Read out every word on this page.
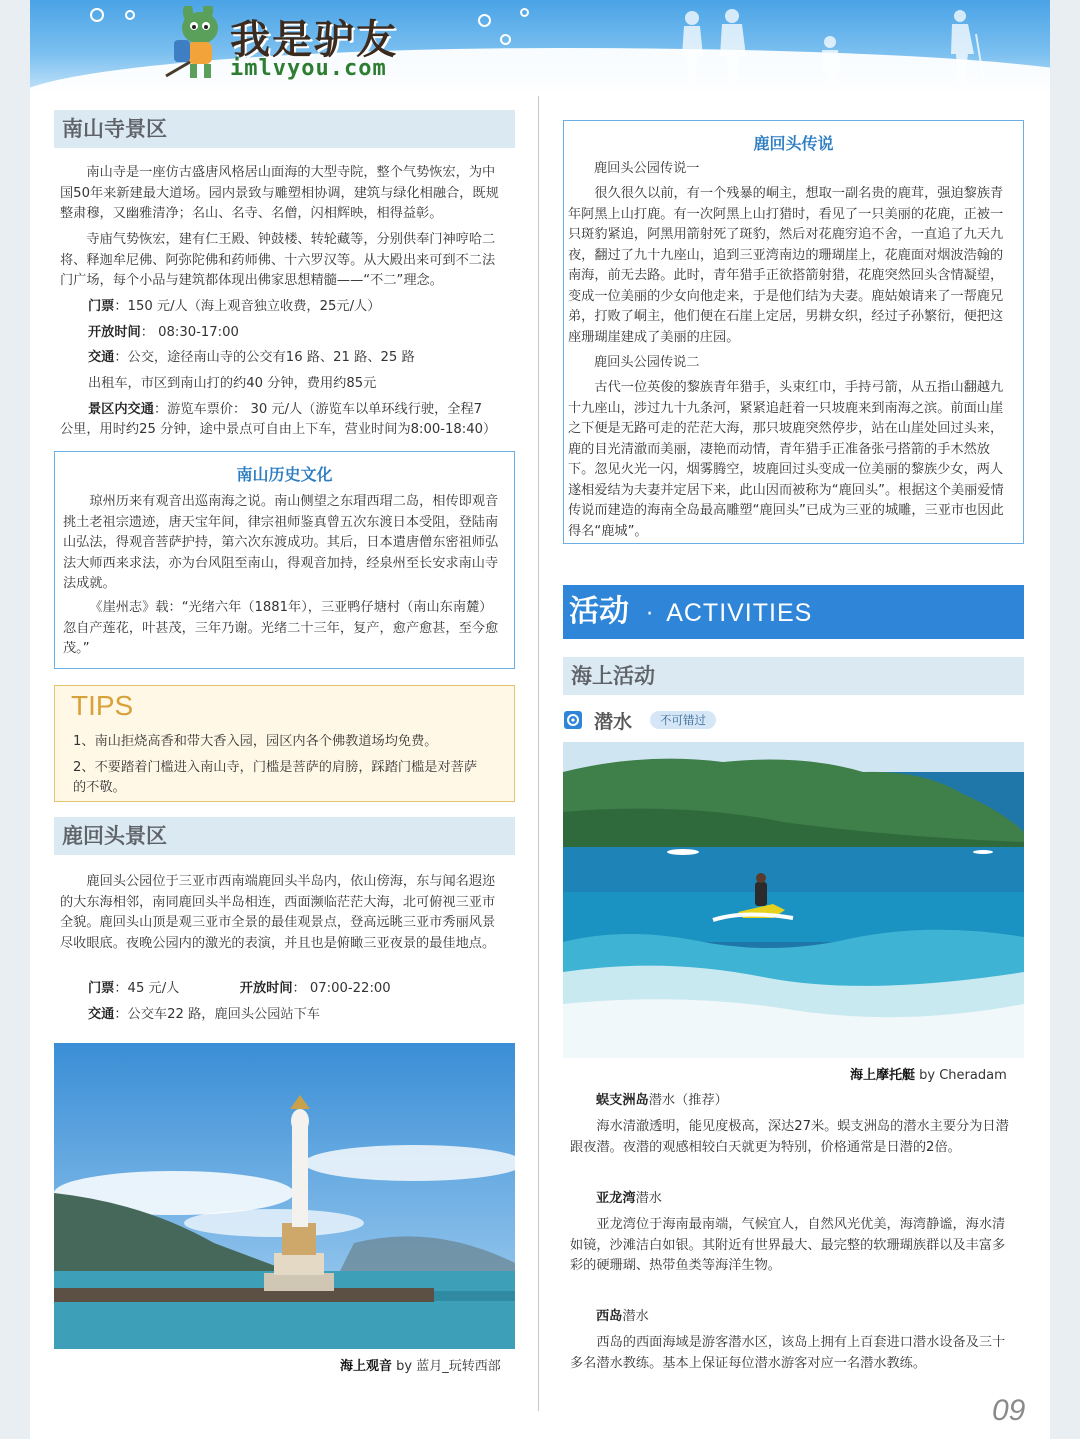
我是驴友
imlvyou.com
南山寺景区

南山寺是一座仿古盛唐风格居山面海的大型寺院，整个气势恢宏，为中国50年来新建最大道场。园内景致与雕塑相协调，建筑与绿化相融合，既规整肃穆，又幽雅清净；名山、名寺、名僧，闪相辉映，相得益彰。

寺庙气势恢宏，建有仁王殿、钟鼓楼、转轮藏等，分别供奉门神哼哈二将、释迦牟尼佛、阿弥陀佛和药师佛、十六罗汉等。从大殿出来可到不二法门广场，每个小品与建筑都体现出佛家思想精髓——“不二”理念。

门票：150 元/人（海上观音独立收费，25元/人）
开放时间： 08:30-17:00
交通：公交，途径南山寺的公交有16 路、21 路、25 路
出租车，市区到南山打的约40 分钟，费用约85元
景区内交通：游览车票价： 30 元/人（游览车以单环线行驶，全程7
公里，用时约25 分钟，途中景点可自由上下车，营业时间为8:00-18:40）
南山历史文化

琼州历来有观音出巡南海之说。南山侧望之东瑁西瑁二岛，相传即观音挑土老祖宗遗迹，唐天宝年间，律宗祖师鉴真曾五次东渡日本受阻，登陆南山弘法，得观音菩萨护持，第六次东渡成功。其后，日本遣唐僧东密祖师弘法大师西来求法，亦为台风阻至南山，得观音加持，经泉州至长安求南山寺法成就。

《崖州志》载：“光绪六年（1881年），三亚鸭仔塘村（南山东南麓）忽自产莲花，叶甚茂，三年乃谢。光绪二十三年，复产，愈产愈甚，至今愈茂。”

TIPS
1、南山拒烧高香和带大香入园，园区内各个佛教道场均免费。
2、不要踏着门槛进入南山寺，门槛是菩萨的肩膀，踩踏门槛是对菩萨的不敬。
鹿回头景区

鹿回头公园位于三亚市西南端鹿回头半岛内，依山傍海，东与闻名遐迩的大东海相邻，南同鹿回头半岛相连，西面濒临茫茫大海，北可俯视三亚市全貌。鹿回头山顶是观三亚市全景的最佳观景点，登高远眺三亚市秀丽风景尽收眼底。夜晚公园内的激光的表演，并且也是俯瞰三亚夜景的最佳地点。

门票：45 元/人	开放时间： 07:00-22:00
交通：公交车22 路，鹿回头公园站下车
海上观音 by 蓝月_玩转西部
鹿回头传说
鹿回头公园传说一

很久很久以前，有一个残暴的峒主，想取一副名贵的鹿茸，强迫黎族青年阿黑上山打鹿。有一次阿黑上山打猎时，看见了一只美丽的花鹿，正被一只斑豹紧追，阿黑用箭射死了斑豹，然后对花鹿穷追不舍，一直追了九天九夜，翻过了九十九座山，追到三亚湾南边的珊瑚崖上，花鹿面对烟波浩翰的南海，前无去路。此时，青年猎手正欲搭箭射猎，花鹿突然回头含情凝望，变成一位美丽的少女向他走来，于是他们结为夫妻。鹿姑娘请来了一帮鹿兄弟，打败了峒主，他们便在石崖上定居，男耕女织，经过子孙繁衍，便把这座珊瑚崖建成了美丽的庄园。

鹿回头公园传说二

古代一位英俊的黎族青年猎手，头束红巾，手持弓箭，从五指山翻越九十九座山，涉过九十九条河，紧紧追赶着一只坡鹿来到南海之滨。前面山崖之下便是无路可走的茫茫大海，那只坡鹿突然停步，站在山崖处回过头来，鹿的目光清澈而美丽，凄艳而动情，青年猎手正准备张弓搭箭的手木然放下。忽见火光一闪，烟雾腾空，坡鹿回过头变成一位美丽的黎族少女，两人遂相爱结为夫妻并定居下来，此山因而被称为“鹿回头”。根据这个美丽爱情传说而建造的海南全岛最高雕塑“鹿回头”已成为三亚的城雕，三亚市也因此得名“鹿城”。

活动 · ACTIVITIES
海上活动
潜水	不可错过
海上摩托艇 by Cheradam
蜈支洲岛潜水（推荐）

海水清澈透明，能见度极高，深达27米。蜈支洲岛的潜水主要分为日潜跟夜潜。夜潜的观感相较白天就更为特别，价格通常是日潜的2倍。

亚龙湾潜水

亚龙湾位于海南最南端，气候宜人，自然风光优美，海湾静谧，海水清如镜，沙滩洁白如银。其附近有世界最大、最完整的软珊瑚族群以及丰富多彩的硬珊瑚、热带鱼类等海洋生物。

西岛潜水

西岛的西面海域是游客潜水区，该岛上拥有上百套进口潜水设备及三十多名潜水教练。基本上保证每位潜水游客对应一名潜水教练。

09
